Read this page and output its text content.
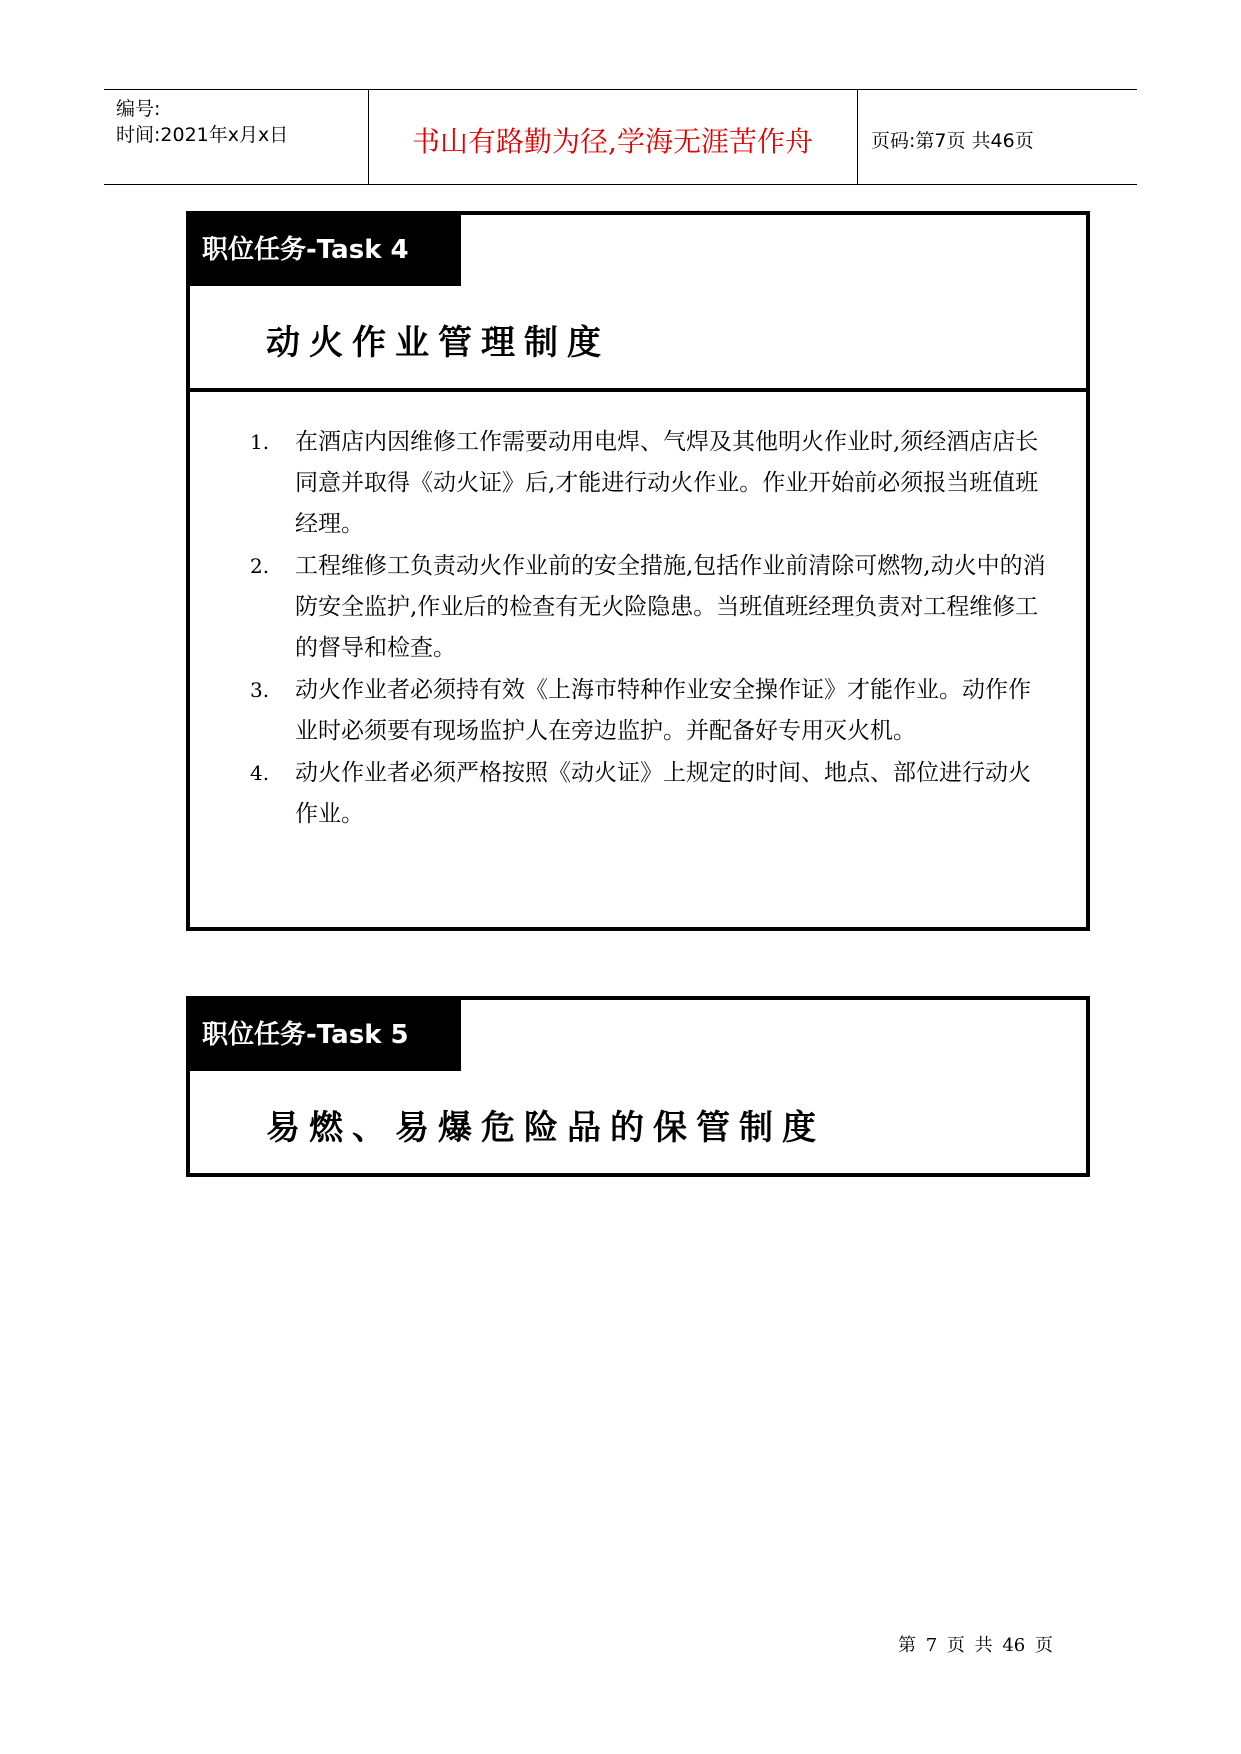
编号:
时间:2021年x月x日	书山有路勤为径,学海无涯苦作舟	页码:第7页 共46页
职位任务-Task 4
动火作业管理制度
1. 在酒店内因维修工作需要动用电焊、气焊及其他明火作业时,须经酒店店长同意并取得《动火证》后,才能进行动火作业。作业开始前必须报当班值班经理。
2. 工程维修工负责动火作业前的安全措施,包括作业前清除可燃物,动火中的消防安全监护,作业后的检查有无火险隐患。当班值班经理负责对工程维修工的督导和检查。
3. 动火作业者必须持有效《上海市特种作业安全操作证》才能作业。动作作业时必须要有现场监护人在旁边监护。并配备好专用灭火机。
4. 动火作业者必须严格按照《动火证》上规定的时间、地点、部位进行动火作业。
职位任务-Task 5
易燃、易爆危险品的保管制度
第 7 页 共 46 页
